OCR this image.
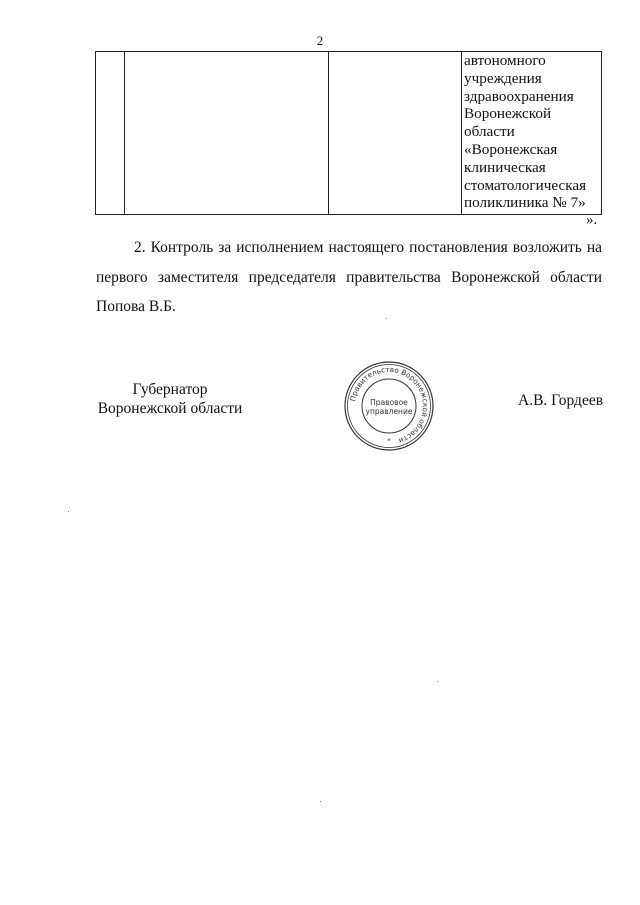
2
автономного
учреждения
здравоохранения
Воронежской
области
«Воронежская
клиническая
стоматологическая
поликлиника № 7»
».
2. Контроль за исполнением настоящего постановления возложить на первого заместителя председателя правительства Воронежской области Попова В.Б.
Губернатор
Воронежской области
Правительство Воронежской области
Правовое
управление
*
А.В. Гордеев
